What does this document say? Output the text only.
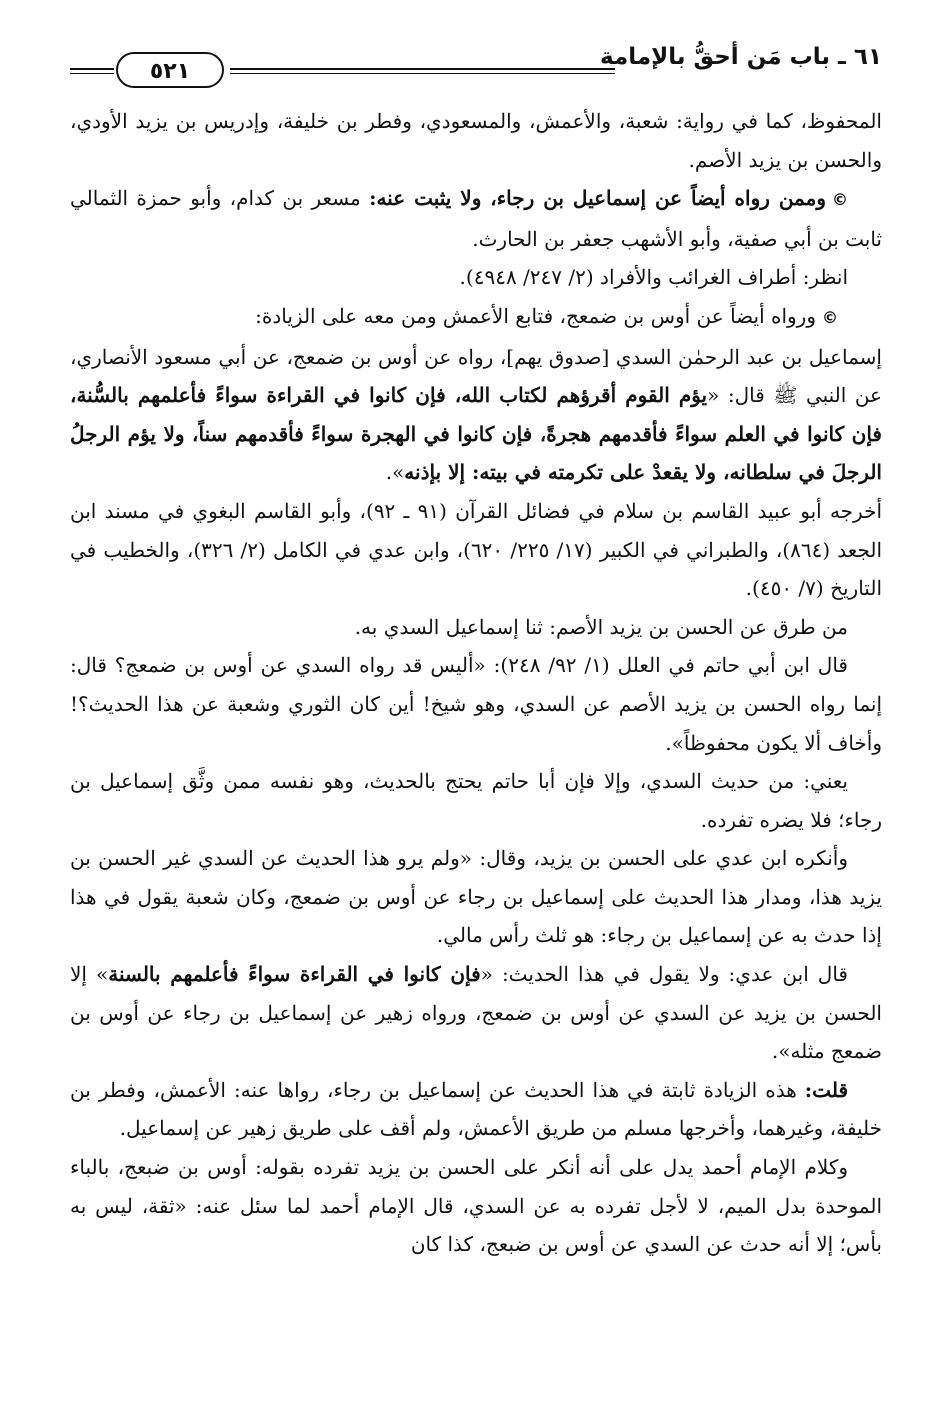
٦١ ـ باب مَن أحقُّ بالإمامة
٥٢١

المحفوظ، كما في رواية: شعبة، والأعمش، والمسعودي، وفطر بن خليفة، وإدريس بن يزيد الأودي، والحسن بن يزيد الأصم.

©وممن رواه أيضاً عن إسماعيل بن رجاء، ولا يثبت عنه: مسعر بن كدام، وأبو حمزة الثمالي ثابت بن أبي صفية، وأبو الأشهب جعفر بن الحارث.

انظر: أطراف الغرائب والأفراد (٢/ ٢٤٧/ ٤٩٤٨).

©ورواه أيضاً عن أوس بن ضمعج، فتابع الأعمش ومن معه على الزيادة:

إسماعيل بن عبد الرحمٰن السدي [صدوق يهم]، رواه عن أوس بن ضمعج، عن أبي مسعود الأنصاري، عن النبي ﷺ قال: «يؤم القوم أقرؤهم لكتاب الله، فإن كانوا في القراءة سواءً فأعلمهم بالسُّنة، فإن كانوا في العلم سواءً فأقدمهم هجرةً، فإن كانوا في الهجرة سواءً فأقدمهم سناً، ولا يؤم الرجلُ الرجلَ في سلطانه، ولا يقعدْ على تكرمته في بيته: إلا بإذنه».

أخرجه أبو عبيد القاسم بن سلام في فضائل القرآن (٩١ ـ ٩٢)، وأبو القاسم البغوي في مسند ابن الجعد (٨٦٤)، والطبراني في الكبير (١٧/ ٢٢٥/ ٦٢٠)، وابن عدي في الكامل (٢/ ٣٢٦)، والخطيب في التاريخ (٧/ ٤٥٠).

من طرق عن الحسن بن يزيد الأصم: ثنا إسماعيل السدي به.

قال ابن أبي حاتم في العلل (١/ ٩٢/ ٢٤٨): «أليس قد رواه السدي عن أوس بن ضمعج؟ قال: إنما رواه الحسن بن يزيد الأصم عن السدي، وهو شيخ! أين كان الثوري وشعبة عن هذا الحديث؟! وأخاف ألا يكون محفوظاً».

يعني: من حديث السدي، وإلا فإن أبا حاتم يحتج بالحديث، وهو نفسه ممن وثَّق إسماعيل بن رجاء؛ فلا يضره تفرده.

وأنكره ابن عدي على الحسن بن يزيد، وقال: «ولم يرو هذا الحديث عن السدي غير الحسن بن يزيد هذا، ومدار هذا الحديث على إسماعيل بن رجاء عن أوس بن ضمعج، وكان شعبة يقول في هذا إذا حدث به عن إسماعيل بن رجاء: هو ثلث رأس مالي.

قال ابن عدي: ولا يقول في هذا الحديث: «فإن كانوا في القراءة سواءً فأعلمهم بالسنة» إلا الحسن بن يزيد عن السدي عن أوس بن ضمعج، ورواه زهير عن إسماعيل بن رجاء عن أوس بن ضمعج مثله».

قلت: هذه الزيادة ثابتة في هذا الحديث عن إسماعيل بن رجاء، رواها عنه: الأعمش، وفطر بن خليفة، وغيرهما، وأخرجها مسلم من طريق الأعمش، ولم أقف على طريق زهير عن إسماعيل.

وكلام الإمام أحمد يدل على أنه أنكر على الحسن بن يزيد تفرده بقوله: أوس بن ضبعج، بالباء الموحدة بدل الميم، لا لأجل تفرده به عن السدي، قال الإمام أحمد لما سئل عنه: «ثقة، ليس به بأس؛ إلا أنه حدث عن السدي عن أوس بن ضبعج، كذا كان
